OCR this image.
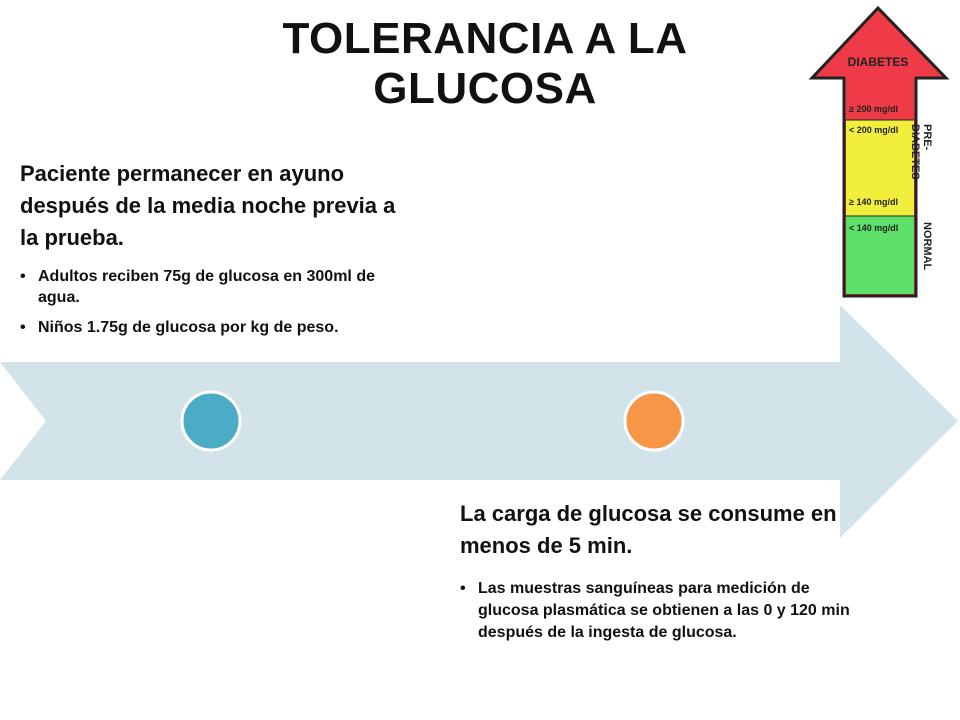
TOLERANCIA A LA GLUCOSA
DIABETES
≥ 200 mg/dl
< 200 mg/dl
≥ 140 mg/dl
< 140 mg/dl
PRE- DIABETES
NORMAL

Paciente permanecer en ayuno después de la media noche previa a la prueba.

• Adultos reciben 75g de glucosa en 300ml de agua.
• Niños 1.75g de glucosa por kg de peso.

La carga de glucosa se consume en menos de 5 min.

• Las muestras sanguíneas para medición de glucosa plasmática se obtienen a las 0 y 120 min después de la ingesta de glucosa.
